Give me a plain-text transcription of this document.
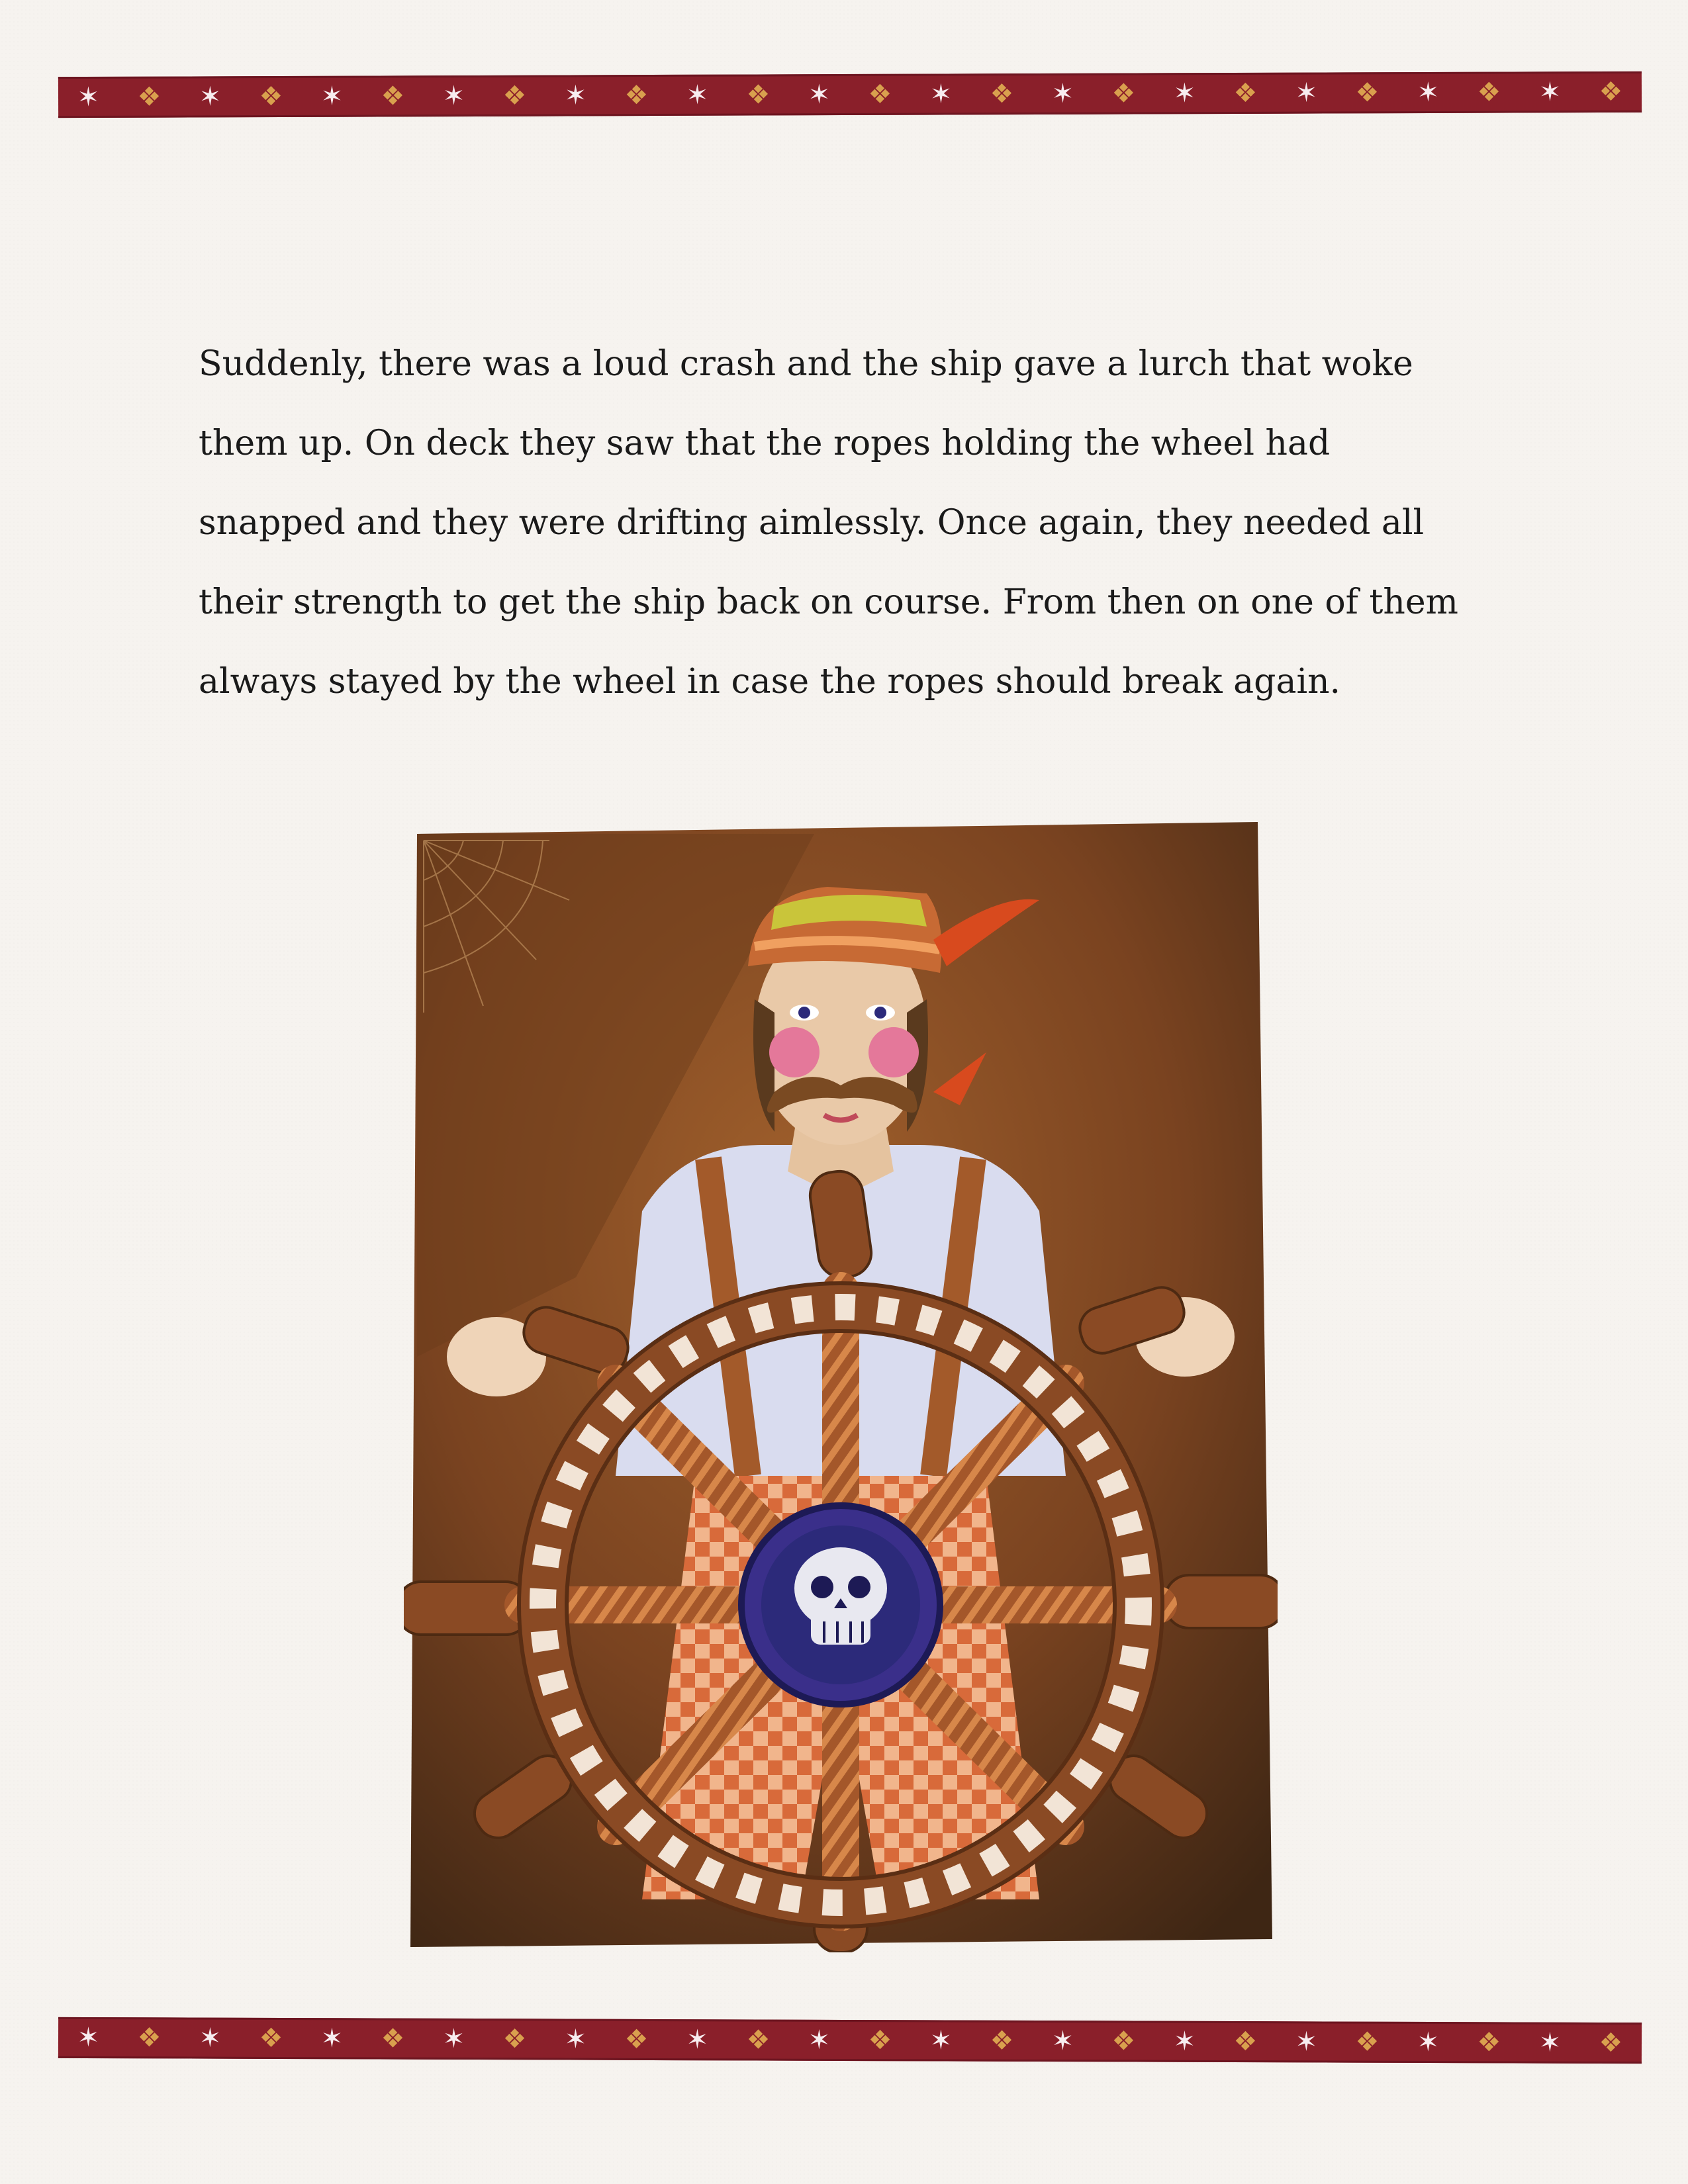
✶ ❖ ✶ ❖ ✶ ❖ ✶ ❖ ✶ ❖ ✶ ❖ ✶ ❖ ✶ ❖ ✶ ❖ ✶ ❖ ✶ ❖ ✶ ❖ ✶ ❖
Suddenly, there was a loud crash and the ship gave a lurch that woke
them up. On deck they saw that the ropes holding the wheel had
snapped and they were drifting aimlessly. Once again, they needed all
their strength to get the ship back on course. From then on one of them
always stayed by the wheel in case the ropes should break again.
✶ ❖ ✶ ❖ ✶ ❖ ✶ ❖ ✶ ❖ ✶ ❖ ✶ ❖ ✶ ❖ ✶ ❖ ✶ ❖ ✶ ❖ ✶ ❖ ✶ ❖
